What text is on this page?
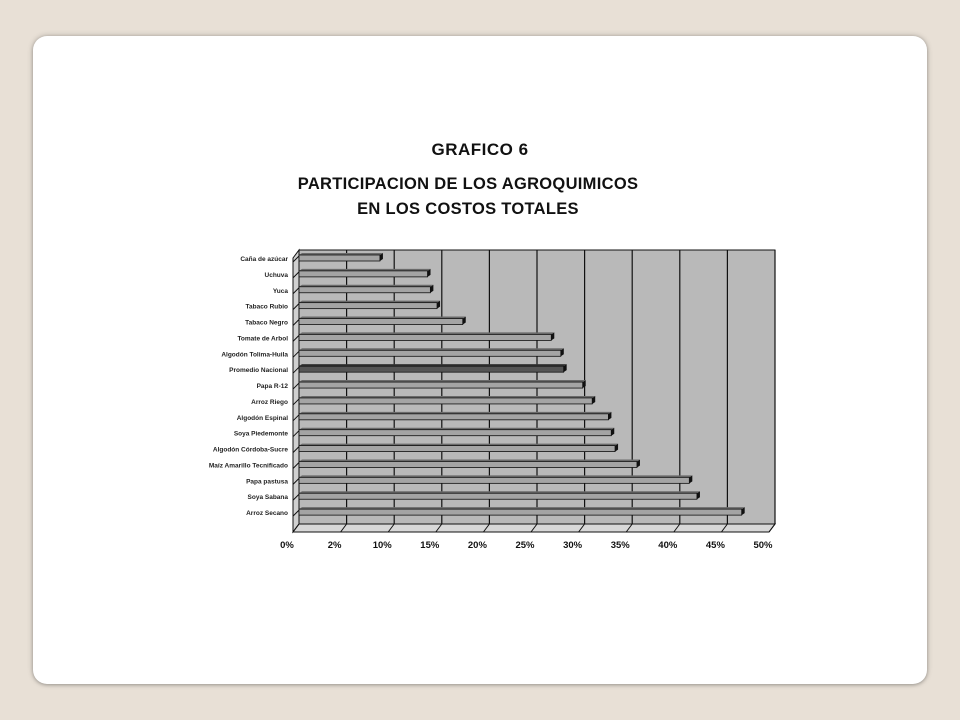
GRAFICO 6
PARTICIPACION DE LOS AGROQUIMICOS
EN LOS COSTOS TOTALES
0%	2%	10%	15%	20%	25%	30%	35%	40%	45%	50%
Caña de azúcar
Uchuva
Yuca
Tabaco Rubio
Tabaco Negro
Tomate de Arbol
Algodón Tolima-Huila
Promedio Nacional
Papa R-12
Arroz Riego
Algodón Espinal
Soya Piedemonte
Algodón Córdoba-Sucre
Maíz Amarillo Tecnificado
Papa pastusa
Soya Sabana
Arroz Secano
